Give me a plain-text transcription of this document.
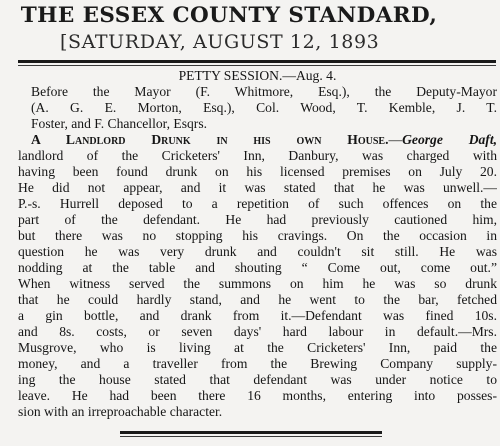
THE ESSEX COUNTY STANDARD,
[SATURDAY, AUGUST 12, 1893
PETTY SESSION.—Aug. 4.
Before the Mayor (F. Whitmore, Esq.), the Deputy-Mayor
(A. G. E. Morton, Esq.), Col. Wood, T. Kemble, J. T.
Foster, and F. Chancellor, Esqrs.
A Landlord Drunk in his own House.—George Daft,
landlord of the Cricketers' Inn, Danbury, was charged with
having been found drunk on his licensed premises on July 20.
He did not appear, and it was stated that he was unwell.—
P.-s. Hurrell deposed to a repetition of such offences on the
part of the defendant. He had previously cautioned him,
but there was no stopping his cravings. On the occasion in
question he was very drunk and couldn't sit still. He was
nodding at the table and shouting “ Come out, come out.”
When witness served the summons on him he was so drunk
that he could hardly stand, and he went to the bar, fetched
a gin bottle, and drank from it.—Defendant was fined 10s.
and 8s. costs, or seven days' hard labour in default.—Mrs.
Musgrove, who is living at the Cricketers' Inn, paid the
money, and a traveller from the Brewing Company supply-
ing the house stated that defendant was under notice to
leave. He had been there 16 months, entering into posses-
sion with an irreproachable character.
